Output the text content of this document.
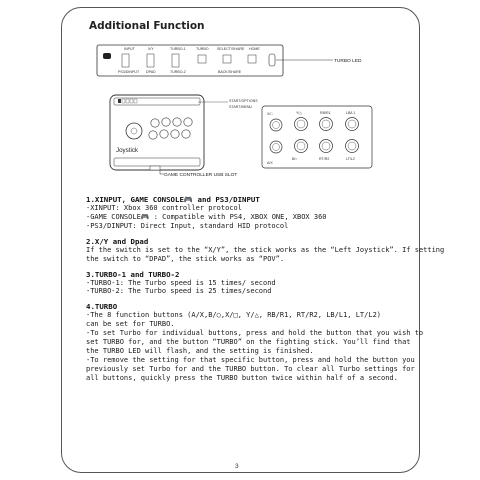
Additional Function
INPUT	X/Y	TURBO-1	TURBO SELECT/SHARE HOME
PS3/DINPUT DPAD	TURBO-2	BACK/SHARE
TURBO LED
Joystick
GAME CONTROLLER USB SLOT
START/OPTIONS
START/MENU
X/□	Y/△	RB/R1	LB/L1
A/X
B/○	RT/R2	LT/L2

1.XINPUT, GAME CONSOLE🎮 and PS3/DINPUT

-XINPUT: Xbox 360 controller protocol

-GAME CONSOLE🎮 : Compatible with PS4, XBOX ONE, XBOX 360

-PS3/DINPUT: Direct Input, standard HID protocol

2.X/Y and Dpad

If the switch is set to the “X/Y”, the stick works as the “Left Joystick”. If setting

the switch to “DPAD”, the stick works as “POV”.

3.TURBO-1 and TURBO-2

-TURBO-1: The Turbo speed is 15 times/ second

-TURBO-2: The Turbo speed is 25 times/second

4.TURBO

-The 8 function buttons (A/X,B/○,X/□, Y/△, RB/R1, RT/R2, LB/L1, LT/L2)

can be set for TURBO.

-To set Turbo for individual buttons, press and hold the button that you wish to

set TURBO for, and the button “TURBO” on the fighting stick. You’ll find that

the TURBO LED will flash, and the setting is finished.

-To remove the setting for that specific button, press and hold the button you

previously set Turbo for and the TURBO button. To clear all Turbo settings for

all buttons, quickly press the TURBO button twice within half of a second.

3
